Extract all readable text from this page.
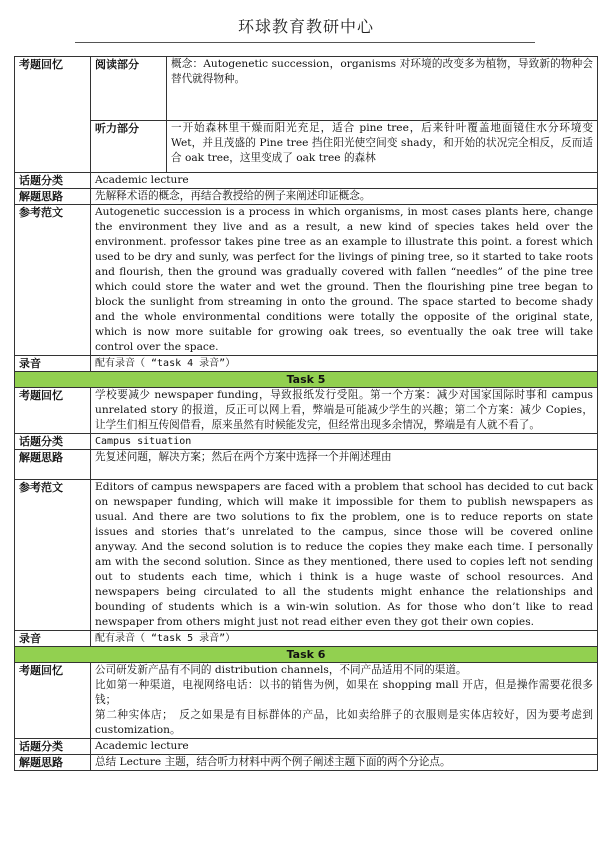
环球教育教研中心
考题回忆	阅读部分	概念：Autogenetic succession，organisms 对环境的改变多为植物，导致新的物种会替代就得物种。
	听力部分	一开始森林里干燥而阳光充足，适合 pine tree，后来针叶覆盖地面镜住水分环境变 Wet，并且茂盛的 Pine tree 挡住阳光使空间变 shady，和开始的状况完全相反，反而适合 oak tree，这里变成了 oak tree 的森林
话题分类	Academic lecture	
解题思路	先解释术语的概念，再结合教授给的例子来阐述印证概念。	
参考范文	Autogenetic succession is a process in which organisms, in most cases plants here, change the environment they live and as a result, a new kind of species takes held over the environment. professor takes pine tree as an example to illustrate this point. a forest which used to be dry and sunly, was perfect for the livings of pining tree, so it started to take roots and flourish, then the ground was gradually covered with fallen “needles” of the pine tree which could store the water and wet the ground. Then the flourishing pine tree began to block the sunlight from streaming in onto the ground. The space started to become shady and the whole environmental conditions were totally the opposite of the original state, which is now more suitable for growing oak trees, so eventually the oak tree will take control over the space.	
录音	配有录音（ “task 4 录音”）	
Task 5		
考题回忆	学校要减少 newspaper funding，导致报纸发行受阻。第一个方案：减少对国家国际时事和 campus unrelated story 的报道，反正可以网上看，弊端是可能减少学生的兴趣；第二个方案：减少 Copies， 让学生们相互传阅借看，原来虽然有时候能发完，但经常出现多余情况，弊端是有人就不看了。	
话题分类	Campus situation	
解题思路	先复述问题，解决方案；然后在两个方案中选择一个并阐述理由	
参考范文	Editors of campus newspapers are faced with a problem that school has decided to cut back on newspaper funding, which will make it impossible for them to publish newspapers as usual. And there are two solutions to fix the problem, one is to reduce reports on state issues and stories that’s unrelated to the campus, since those will be covered online anyway. And the second solution is to reduce the copies they make each time. I personally am with the second solution. Since as they mentioned, there used to copies left not sending out to students each time, which i think is a huge waste of school resources. And newspapers being circulated to all the students might enhance the relationships and bounding of students which is a win-win solution. As for those who don’t like to read newspaper from others might just not read either even they got their own copies.	
录音	配有录音（ “task 5 录音”）	
Task 6		
考题回忆	公司研发新产品有不同的 distribution channels，不同产品适用不同的渠道。
比如第一种渠道，电视网络电话：以书的销售为例，如果在 shopping mall 开店，但是操作需要花很多钱；
第二种实体店；　反之如果是有目标群体的产品，比如卖给胖子的衣服则是实体店较好，因为要考虑到 customization。	

话题分类	Academic lecture	
解题思路	总结 Lecture 主题，结合听力材料中两个例子阐述主题下面的两个分论点。	
